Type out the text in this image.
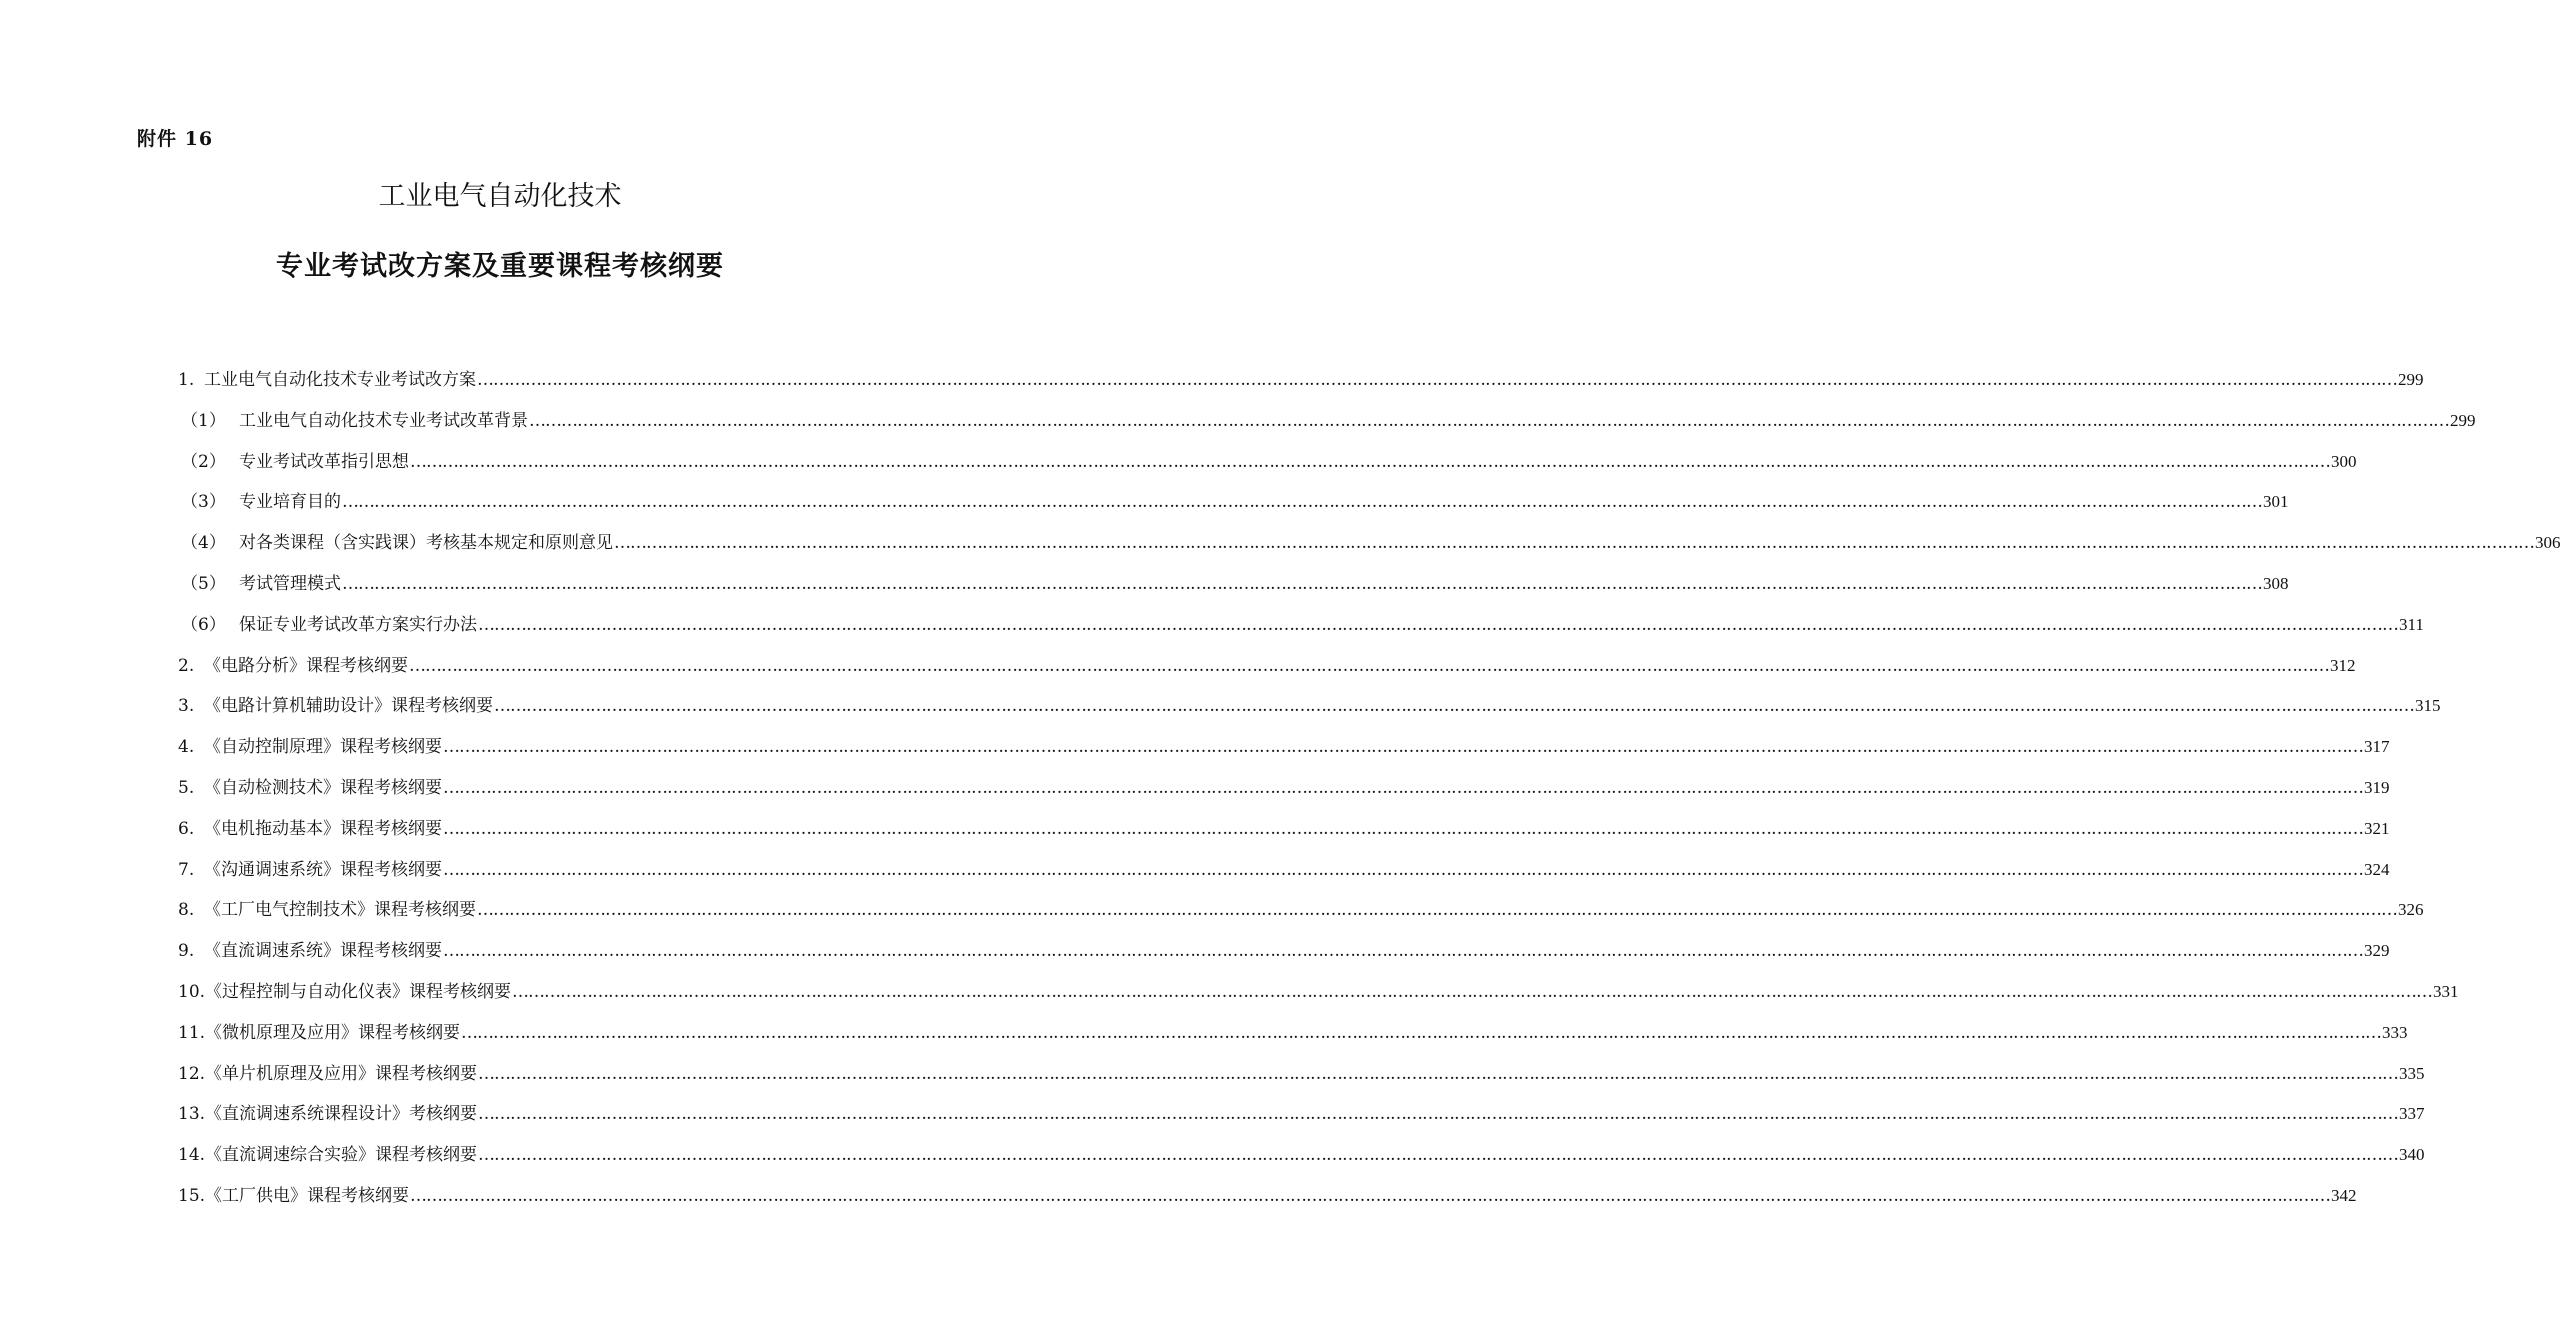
附件 16
工业电气自动化技术
专业考试改方案及重要课程考核纲要
1. 工业电气自动化技术专业考试改方案 ……………………………………………………………………………………………………………………………………………………………………………………………………………………………………………………………………………………………………………………………… 299
（1） 工业电气自动化技术专业考试改革背景 ……………………………………………………………………………………………………………………………………………………………………………………………………………………………………………………………………………………………………………………………… 299
（2） 专业考试改革指引思想 ……………………………………………………………………………………………………………………………………………………………………………………………………………………………………………………………………………………………………………………………… 300
（3） 专业培育目的 ……………………………………………………………………………………………………………………………………………………………………………………………………………………………………………………………………………………………………………………………… 301
（4） 对各类课程（含实践课）考核基本规定和原则意见 ……………………………………………………………………………………………………………………………………………………………………………………………………………………………………………………………………………………………………………………………… 306
（5） 考试管理模式 ……………………………………………………………………………………………………………………………………………………………………………………………………………………………………………………………………………………………………………………………… 308
（6） 保证专业考试改革方案实行办法 ……………………………………………………………………………………………………………………………………………………………………………………………………………………………………………………………………………………………………………………………… 311
2. 《电路分析》课程考核纲要 ……………………………………………………………………………………………………………………………………………………………………………………………………………………………………………………………………………………………………………………………… 312
3. 《电路计算机辅助设计》课程考核纲要 ……………………………………………………………………………………………………………………………………………………………………………………………………………………………………………………………………………………………………………………………… 315
4. 《自动控制原理》课程考核纲要 ……………………………………………………………………………………………………………………………………………………………………………………………………………………………………………………………………………………………………………………………… 317
5. 《自动检测技术》课程考核纲要 ……………………………………………………………………………………………………………………………………………………………………………………………………………………………………………………………………………………………………………………………… 319
6. 《电机拖动基本》课程考核纲要 ……………………………………………………………………………………………………………………………………………………………………………………………………………………………………………………………………………………………………………………………… 321
7. 《沟通调速系统》课程考核纲要 ……………………………………………………………………………………………………………………………………………………………………………………………………………………………………………………………………………………………………………………………… 324
8. 《工厂电气控制技术》课程考核纲要 ……………………………………………………………………………………………………………………………………………………………………………………………………………………………………………………………………………………………………………………………… 326
9. 《直流调速系统》课程考核纲要 ……………………………………………………………………………………………………………………………………………………………………………………………………………………………………………………………………………………………………………………………… 329
10. 《过程控制与自动化仪表》课程考核纲要 ……………………………………………………………………………………………………………………………………………………………………………………………………………………………………………………………………………………………………………………………… 331
11. 《微机原理及应用》课程考核纲要 ……………………………………………………………………………………………………………………………………………………………………………………………………………………………………………………………………………………………………………………………… 333
12. 《单片机原理及应用》课程考核纲要 ……………………………………………………………………………………………………………………………………………………………………………………………………………………………………………………………………………………………………………………………… 335
13. 《直流调速系统课程设计》考核纲要 ……………………………………………………………………………………………………………………………………………………………………………………………………………………………………………………………………………………………………………………………… 337
14. 《直流调速综合实验》课程考核纲要 ……………………………………………………………………………………………………………………………………………………………………………………………………………………………………………………………………………………………………………………………… 340
15. 《工厂供电》课程考核纲要 ……………………………………………………………………………………………………………………………………………………………………………………………………………………………………………………………………………………………………………………………… 342
